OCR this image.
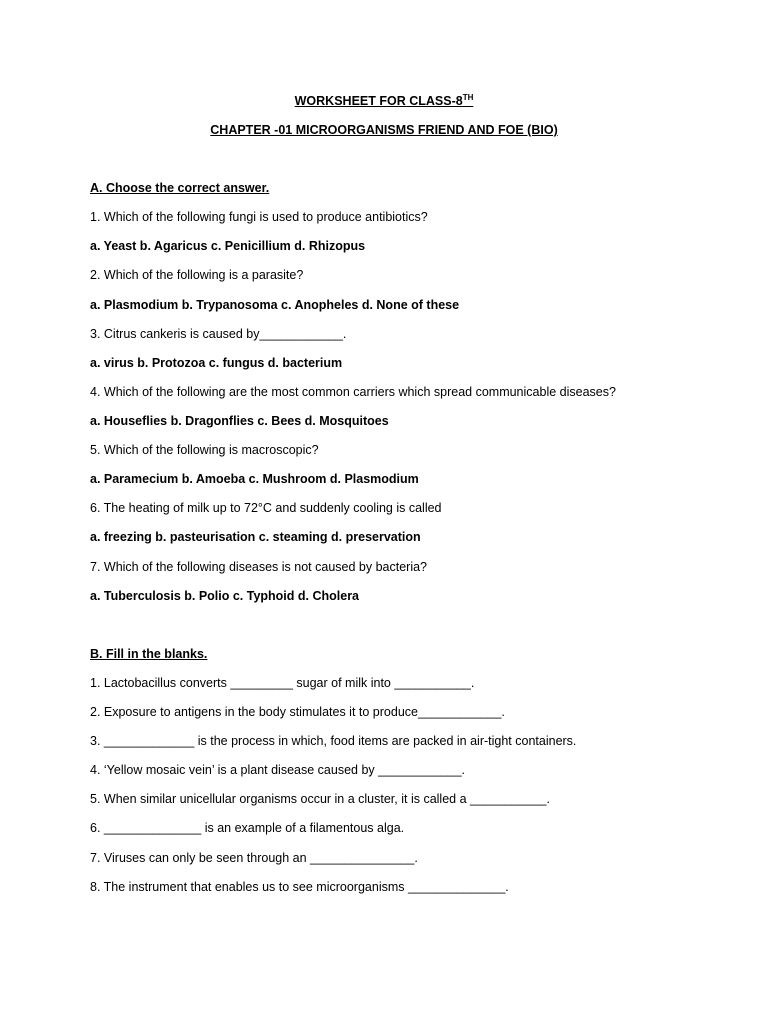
WORKSHEET FOR CLASS-8TH
CHAPTER -01 MICROORGANISMS FRIEND AND FOE (BIO)
A. Choose the correct answer.
1. Which of the following fungi is used to produce antibiotics?
a. Yeast b. Agaricus c. Penicillium d. Rhizopus
2. Which of the following is a parasite?
a. Plasmodium b. Trypanosoma c. Anopheles d. None of these
3. Citrus cankeris is caused by____________.
a. virus b. Protozoa c. fungus d. bacterium
4. Which of the following are the most common carriers which spread communicable diseases?
a. Houseflies b. Dragonflies c. Bees d. Mosquitoes
5. Which of the following is macroscopic?
a. Paramecium b. Amoeba c. Mushroom d. Plasmodium
6. The heating of milk up to 72°C and suddenly cooling is called
a. freezing b. pasteurisation c. steaming d. preservation
7. Which of the following diseases is not caused by bacteria?
a. Tuberculosis b. Polio c. Typhoid d. Cholera
B. Fill in the blanks.
1. Lactobacillus converts _________ sugar of milk into ___________.
2. Exposure to antigens in the body stimulates it to produce____________.
3. _____________ is the process in which, food items are packed in air-tight containers.
4. ‘Yellow mosaic vein’ is a plant disease caused by ____________.
5. When similar unicellular organisms occur in a cluster, it is called a ___________.
6. ______________ is an example of a filamentous alga.
7. Viruses can only be seen through an _______________.
8. The instrument that enables us to see microorganisms ______________.
